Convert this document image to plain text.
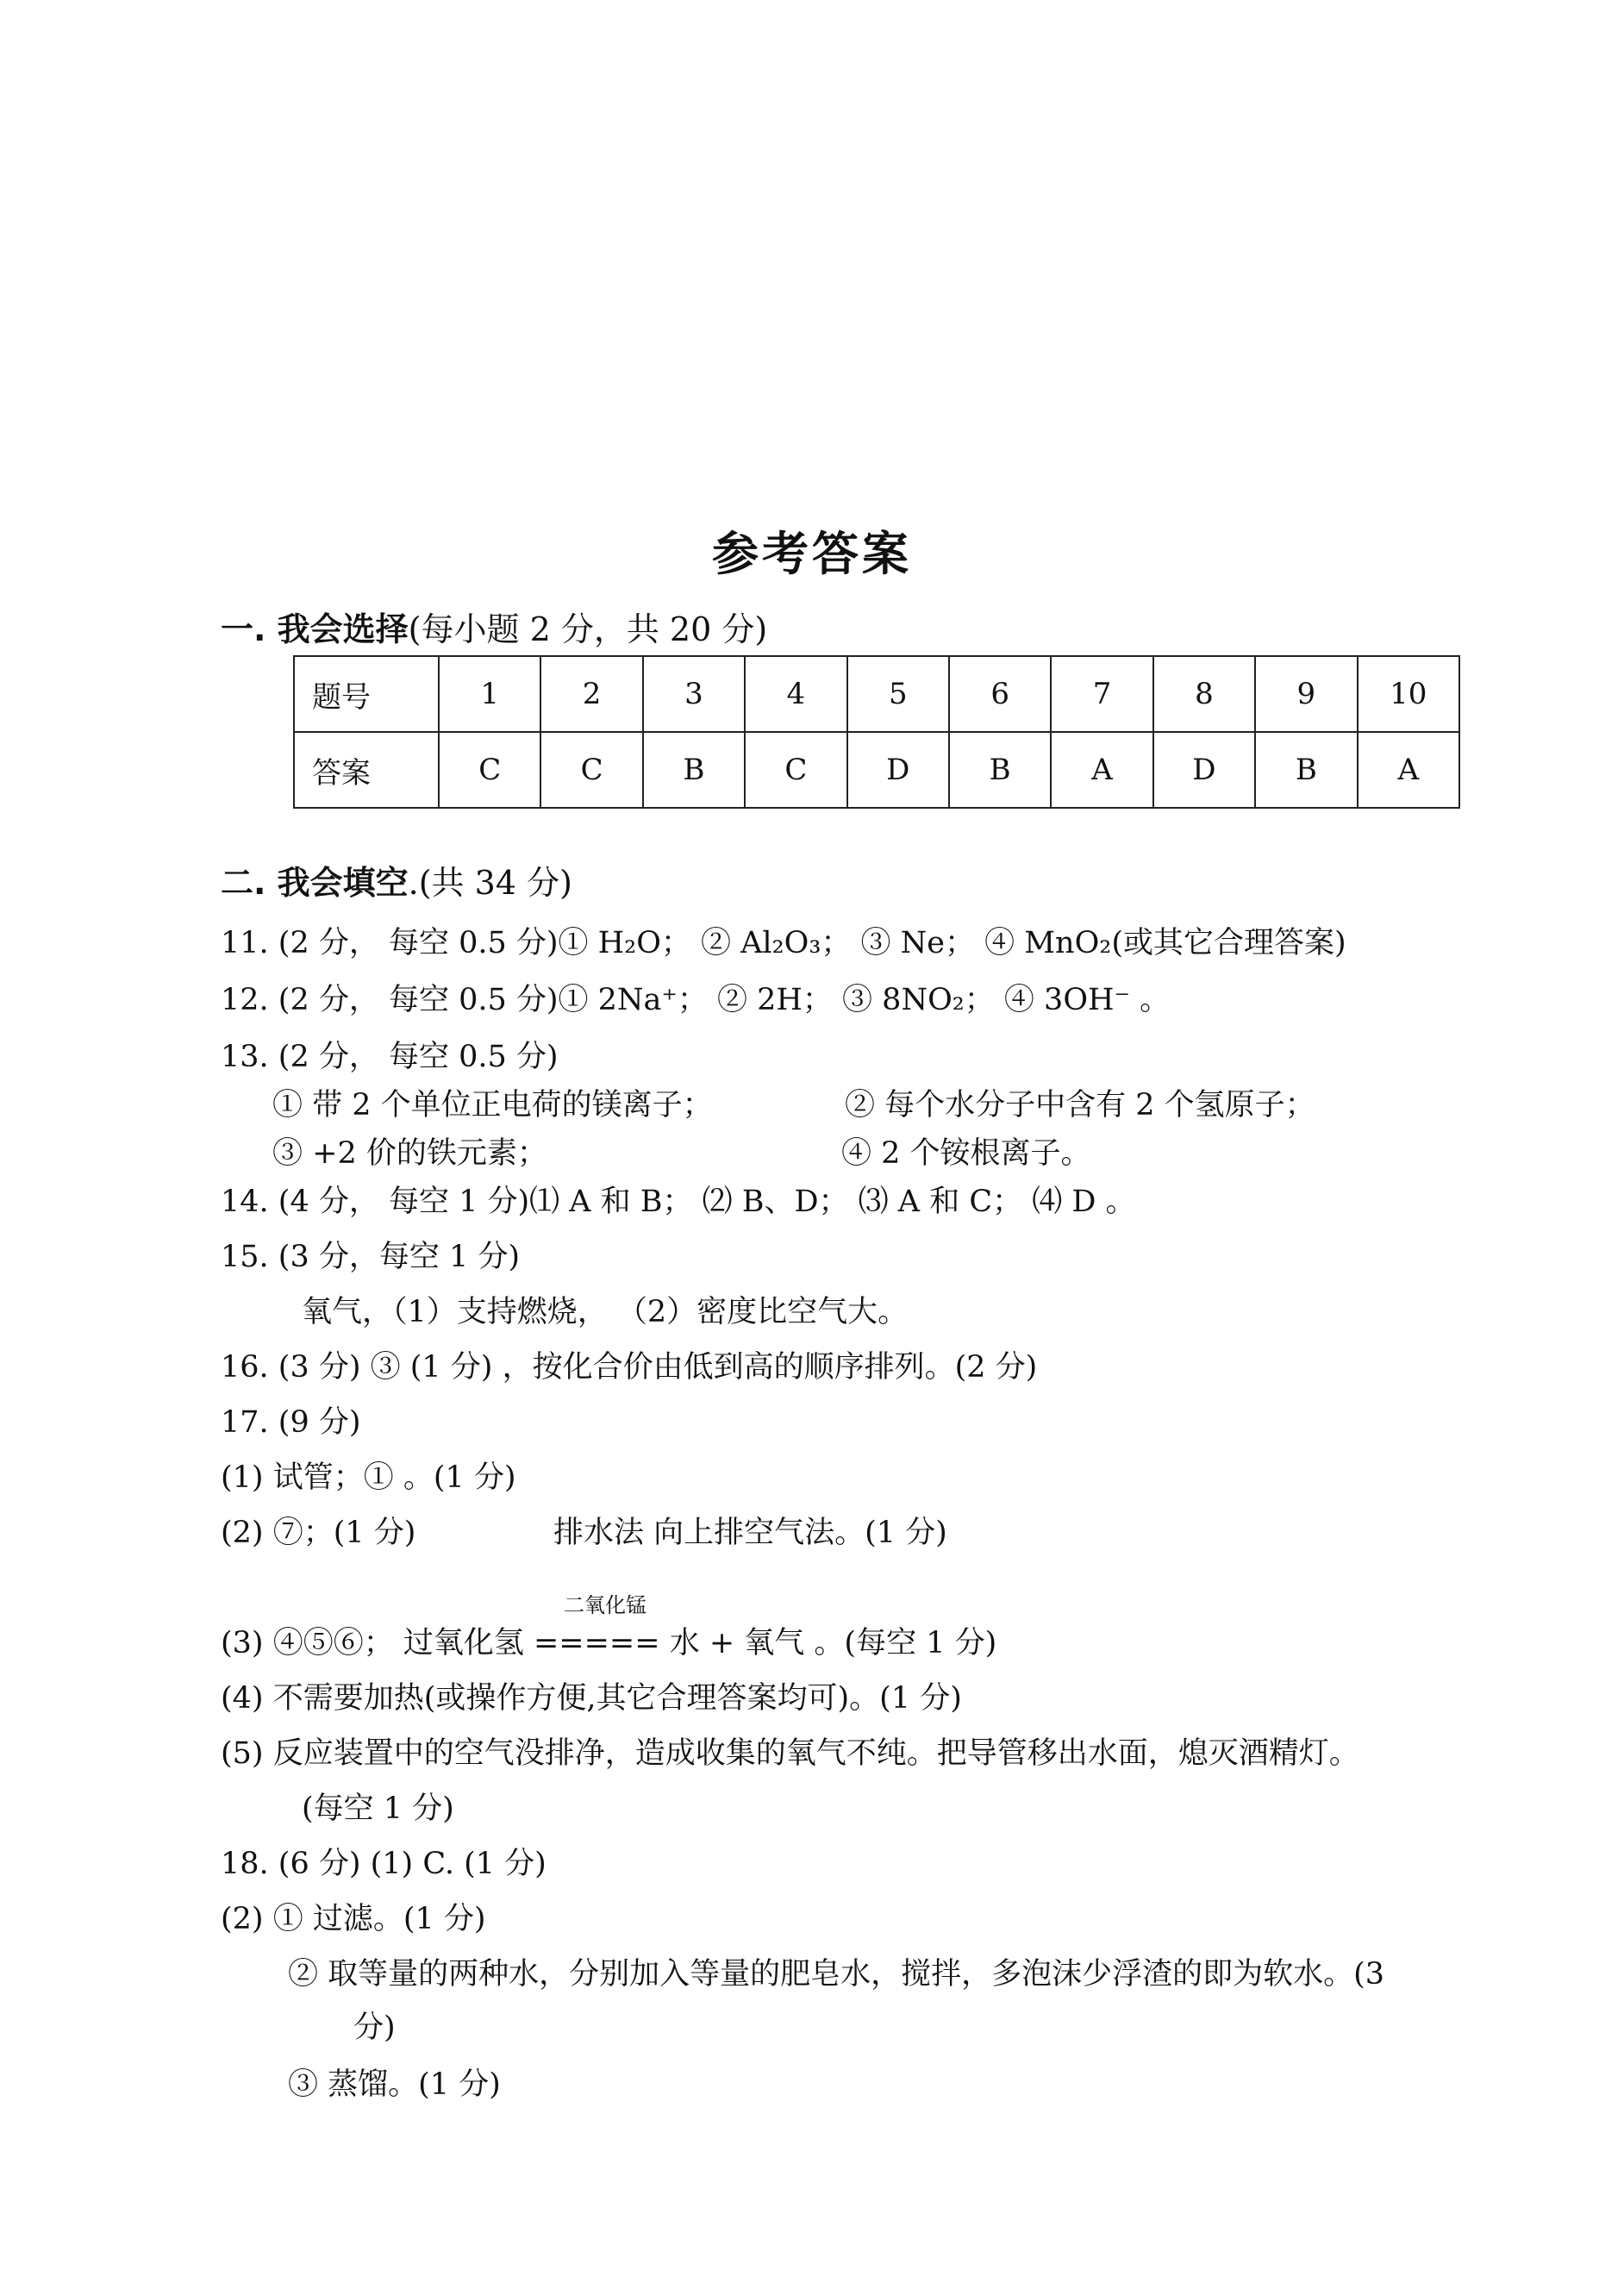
参考答案
一. 我会选择(每小题 2 分，共 20 分)
题号	1	2	3	4	5	6	7	8	9	10
答案	C	C	B	C	D	B	A	D	B	A
二. 我会填空.(共 34 分)
11. (2 分， 每空 0.5 分)① H₂O； ② Al₂O₃； ③ Ne； ④ MnO₂(或其它合理答案)
12. (2 分， 每空 0.5 分)① 2Na⁺； ② 2H； ③ 8NO₂； ④ 3OH⁻ 。
13. (2 分， 每空 0.5 分)
① 带 2 个单位正电荷的镁离子；	② 每个水分子中含有 2 个氢原子；
③ +2 价的铁元素；	④ 2 个铵根离子。
14. (4 分， 每空 1 分)⑴ A 和 B； ⑵ B、D； ⑶ A 和 C； ⑷ D 。
15. (3 分，每空 1 分)
氧气，（1）支持燃烧， （2）密度比空气大。
16. (3 分) ③ (1 分) ，按化合价由低到高的顺序排列。(2 分)
17. (9 分)
(1) 试管；① 。(1 分)
(2) ⑦；(1 分)	排水法 向上排空气法。(1 分)
二氧化锰
(3) ④⑤⑥； 过氧化氢 ===== 水 + 氧气 。(每空 1 分)
(4) 不需要加热(或操作方便,其它合理答案均可)。(1 分)
(5) 反应装置中的空气没排净，造成收集的氧气不纯。把导管移出水面，熄灭酒精灯。
(每空 1 分)
18. (6 分) (1) C. (1 分)
(2) ① 过滤。(1 分)
② 取等量的两种水，分别加入等量的肥皂水，搅拌，多泡沫少浮渣的即为软水。(3
分)
③ 蒸馏。(1 分)
